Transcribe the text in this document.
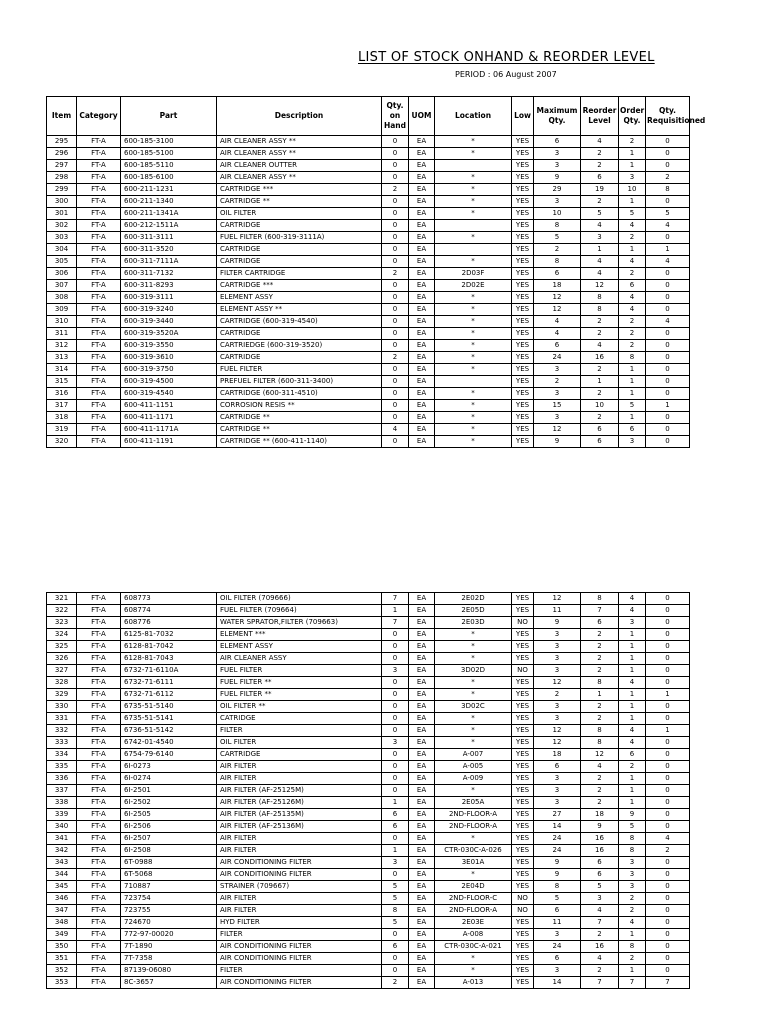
LIST OF STOCK ONHAND & REORDER LEVEL
PERIOD : 06 August 2007
Item	Category	Part	Description	Qty. on Hand	UOM	Location	Low	Maximum Qty.	Reorder Level	Order Qty.	Qty. Requisitioned
295	FT-A	600-185-3100	AIR CLEANER ASSY **	0	EA	*	YES	6	4	2	0
296	FT-A	600-185-5100	AIR CLEANER ASSY **	0	EA	*	YES	3	2	1	0
297	FT-A	600-185-5110	AIR CLEANER OUTTER	0	EA		YES	3	2	1	0
298	FT-A	600-185-6100	AIR CLEANER ASSY **	0	EA	*	YES	9	6	3	2
299	FT-A	600-211-1231	CARTRIDGE ***	2	EA	*	YES	29	19	10	8
300	FT-A	600-211-1340	CARTRIDGE **	0	EA	*	YES	3	2	1	0
301	FT-A	600-211-1341A	OIL FILTER	0	EA	*	YES	10	5	5	5
302	FT-A	600-212-1511A	CARTRIDGE	0	EA		YES	8	4	4	4
303	FT-A	600-311-3111	FUEL FILTER (600-319-3111A)	0	EA	*	YES	5	3	2	0
304	FT-A	600-311-3520	CARTRIDGE	0	EA		YES	2	1	1	1
305	FT-A	600-311-7111A	CARTRIDGE	0	EA	*	YES	8	4	4	4
306	FT-A	600-311-7132	FILTER CARTRIDGE	2	EA	2D03F	YES	6	4	2	0
307	FT-A	600-311-8293	CARTRIDGE ***	0	EA	2D02E	YES	18	12	6	0
308	FT-A	600-319-3111	ELEMENT ASSY	0	EA	*	YES	12	8	4	0
309	FT-A	600-319-3240	ELEMENT ASSY **	0	EA	*	YES	12	8	4	0
310	FT-A	600-319-3440	CARTRIDGE (600-319-4540)	0	EA	*	YES	4	2	2	4
311	FT-A	600-319-3520A	CARTRIDGE	0	EA	*	YES	4	2	2	0
312	FT-A	600-319-3550	CARTRIEDGE (600-319-3520)	0	EA	*	YES	6	4	2	0
313	FT-A	600-319-3610	CARTRIDGE	2	EA	*	YES	24	16	8	0
314	FT-A	600-319-3750	FUEL FILTER	0	EA	*	YES	3	2	1	0
315	FT-A	600-319-4500	PREFUEL FILTER (600-311-3400)	0	EA		YES	2	1	1	0
316	FT-A	600-319-4540	CARTRIDGE (600-311-4510)	0	EA	*	YES	3	2	1	0
317	FT-A	600-411-1151	CORROSION RESIS **	0	EA	*	YES	15	10	5	1
318	FT-A	600-411-1171	CARTRIDGE **	0	EA	*	YES	3	2	1	0
319	FT-A	600-411-1171A	CARTRIDGE **	4	EA	*	YES	12	6	6	0
320	FT-A	600-411-1191	CARTRIDGE ** (600-411-1140)	0	EA	*	YES	9	6	3	0
321	FT-A	608773	OIL FILTER (709666)	7	EA	2E02D	YES	12	8	4	0
322	FT-A	608774	FUEL FILTER (709664)	1	EA	2E05D	YES	11	7	4	0
323	FT-A	608776	WATER SPRATOR,FILTER (709663)	7	EA	2E03D	NO	9	6	3	0
324	FT-A	6125-81-7032	ELEMENT ***	0	EA	*	YES	3	2	1	0
325	FT-A	6128-81-7042	ELEMENT ASSY	0	EA	*	YES	3	2	1	0
326	FT-A	6128-81-7043	AIR CLEANER ASSY	0	EA	*	YES	3	2	1	0
327	FT-A	6732-71-6110A	FUEL FILTER	3	EA	3D02D	NO	3	2	1	0
328	FT-A	6732-71-6111	FUEL FILTER **	0	EA	*	YES	12	8	4	0
329	FT-A	6732-71-6112	FUEL FILTER **	0	EA	*	YES	2	1	1	1
330	FT-A	6735-51-5140	OIL FILTER **	0	EA	3D02C	YES	3	2	1	0
331	FT-A	6735-51-5141	CATRIDGE	0	EA	*	YES	3	2	1	0
332	FT-A	6736-51-5142	FILTER	0	EA	*	YES	12	8	4	1
333	FT-A	6742-01-4540	OIL FILTER	3	EA	*	YES	12	8	4	0
334	FT-A	6754-79-6140	CARTRIDGE	0	EA	A-007	YES	18	12	6	0
335	FT-A	6I-0273	AIR FILTER	0	EA	A-005	YES	6	4	2	0
336	FT-A	6I-0274	AIR FILTER	0	EA	A-009	YES	3	2	1	0
337	FT-A	6I-2501	AIR FILTER (AF-25125M)	0	EA	*	YES	3	2	1	0
338	FT-A	6I-2502	AIR FILTER (AF-25126M)	1	EA	2E05A	YES	3	2	1	0
339	FT-A	6I-2505	AIR FILTER (AF-25135M)	6	EA	2ND-FLOOR-A	YES	27	18	9	0
340	FT-A	6I-2506	AIR FILTER (AF-25136M)	6	EA	2ND-FLOOR-A	YES	14	9	5	0
341	FT-A	6I-2507	AIR FILTER	0	EA	*	YES	24	16	8	4
342	FT-A	6I-2508	AIR FILTER	1	EA	CTR-030C-A-026	YES	24	16	8	2
343	FT-A	6T-0988	AIR CONDITIONING FILTER	3	EA	3E01A	YES	9	6	3	0
344	FT-A	6T-5068	AIR CONDITIONING FILTER	0	EA	*	YES	9	6	3	0
345	FT-A	710887	STRAINER (709667)	5	EA	2E04D	YES	8	5	3	0
346	FT-A	723754	AIR FILTER	5	EA	2ND-FLOOR-C	NO	5	3	2	0
347	FT-A	723755	AIR FILTER	8	EA	2ND-FLOOR-A	NO	6	4	2	0
348	FT-A	724670	HYD FILTER	5	EA	2E03E	YES	11	7	4	0
349	FT-A	772-97-00020	FILTER	0	EA	A-008	YES	3	2	1	0
350	FT-A	7T-1890	AIR CONDITIONING FILTER	6	EA	CTR-030C-A-021	YES	24	16	8	0
351	FT-A	7T-7358	AIR CONDITIONING FILTER	0	EA	*	YES	6	4	2	0
352	FT-A	87139-06080	FILTER	0	EA	*	YES	3	2	1	0
353	FT-A	8C-3657	AIR CONDITIONING FILTER	2	EA	A-013	YES	14	7	7	7
